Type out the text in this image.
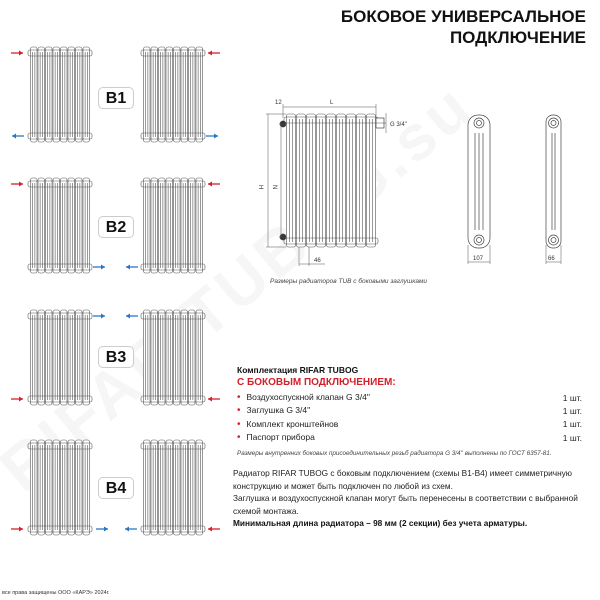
БОКОВОЕ УНИВЕРСАЛЬНОЕ
ПОДКЛЮЧЕНИЕ
B1
B2
B3
B4
12	L
G 3/4''
H N
46	107	66
Размеры радиаторов TUB с боковыми заглушками
Комплектация RIFAR TUBOG
С БОКОВЫМ ПОДКЛЮЧЕНИЕМ:
• Воздухоспускной клапан G 3/4''	1 шт.
• Заглушка G 3/4''	1 шт.
• Комплект кронштейнов	1 шт.
• Паспорт прибора	1 шт.
Размеры внутренних боковых присоединительных резьб радиатора G 3/4'' выполнены по ГОСТ 6357-81.
Радиатор RIFAR TUBOG с боковым подключением (схемы В1-В4) имеет симметричную конструкцию и может быть подключен по любой из схем.
Заглушка и воздухоспускной клапан могут быть перенесены в соответствии с выбранной схемой монтажа.
Минимальная длина радиатора – 98 мм (2 секции) без учета арматуры.
все права защищены ООО «КАРЭ» 2024г.
